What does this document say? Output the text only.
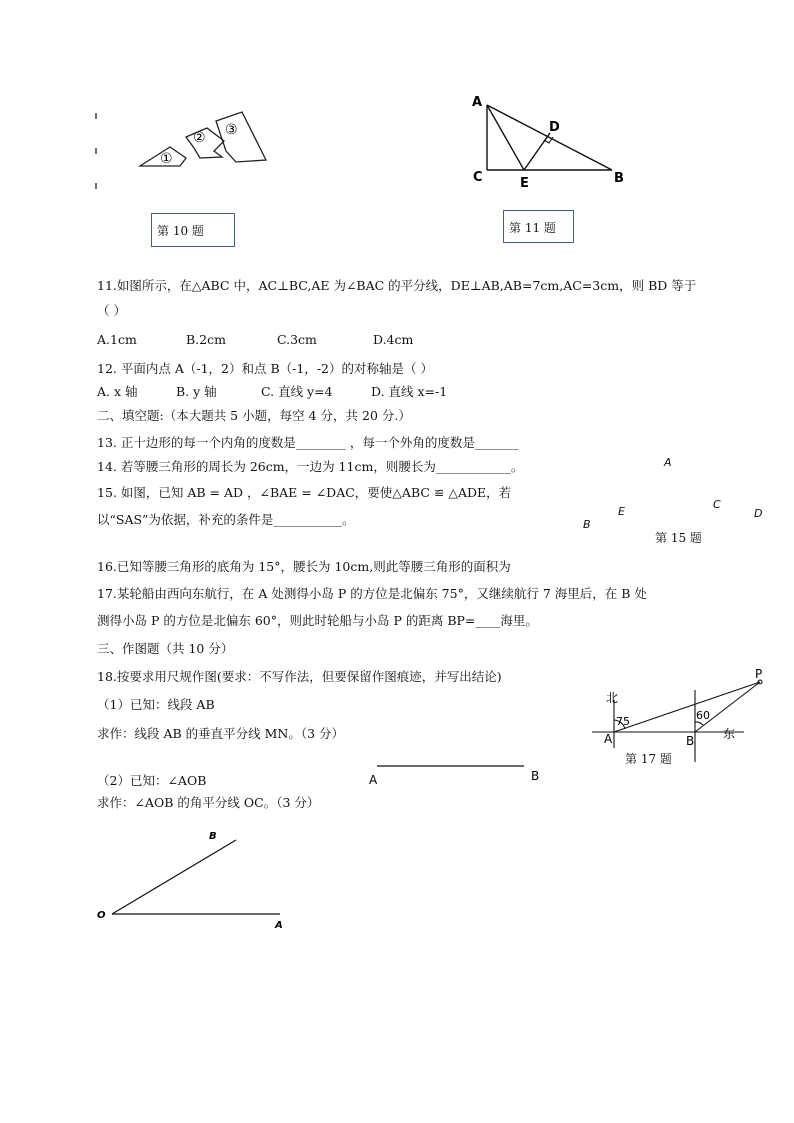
①
② ③
第 10 题
A
D
C	E	B
第 11 题
11.如图所示，在△ABC 中，AC⊥BC,AE 为∠BAC 的平分线，DE⊥AB,AB=7cm,AC=3cm，则 BD 等于
（ ）
A.1cm	B.2cm	C.3cm	D.4cm
12. 平面内点 A（-1，2）和点 B（-1，-2）的对称轴是（ ）
A. x 轴	B. y 轴	C. 直线 y=4	D. 直线 x=-1
二、填空题:（本大题共 5 小题，每空 4 分，共 20 分.）
13. 正十边形的每一个内角的度数是________ ，每一个外角的度数是_______
14. 若等腰三角形的周长为 26cm，一边为 11cm，则腰长为____________。
15. 如图，已知 AB = AD ，∠BAE = ∠DAC，要使△ABC ≌ △ADE，若
以“SAS”为依据，补充的条件是___________。
A
C
E	D
B
第 15 题
16.已知等腰三角形的底角为 15°，腰长为 10cm,则此等腰三角形的面积为
17.某轮船由西向东航行，在 A 处测得小岛 P 的方位是北偏东 75°，又继续航行 7 海里后，在 B 处
测得小岛 P 的方位是北偏东 60°，则此时轮船与小岛 P 的距离 BP=____海里。
三、作图题（共 10 分）
18.按要求用尺规作图(要求：不写作法，但要保留作图痕迹，并写出结论)
（1）已知：线段 AB
求作：线段 AB 的垂直平分线 MN。（3 分）
（2）已知：∠AOB
求作：∠AOB 的角平分线 OC。（3 分）
北
75	60
P
A	B 东
第 17 题
A	B
O
B
A
